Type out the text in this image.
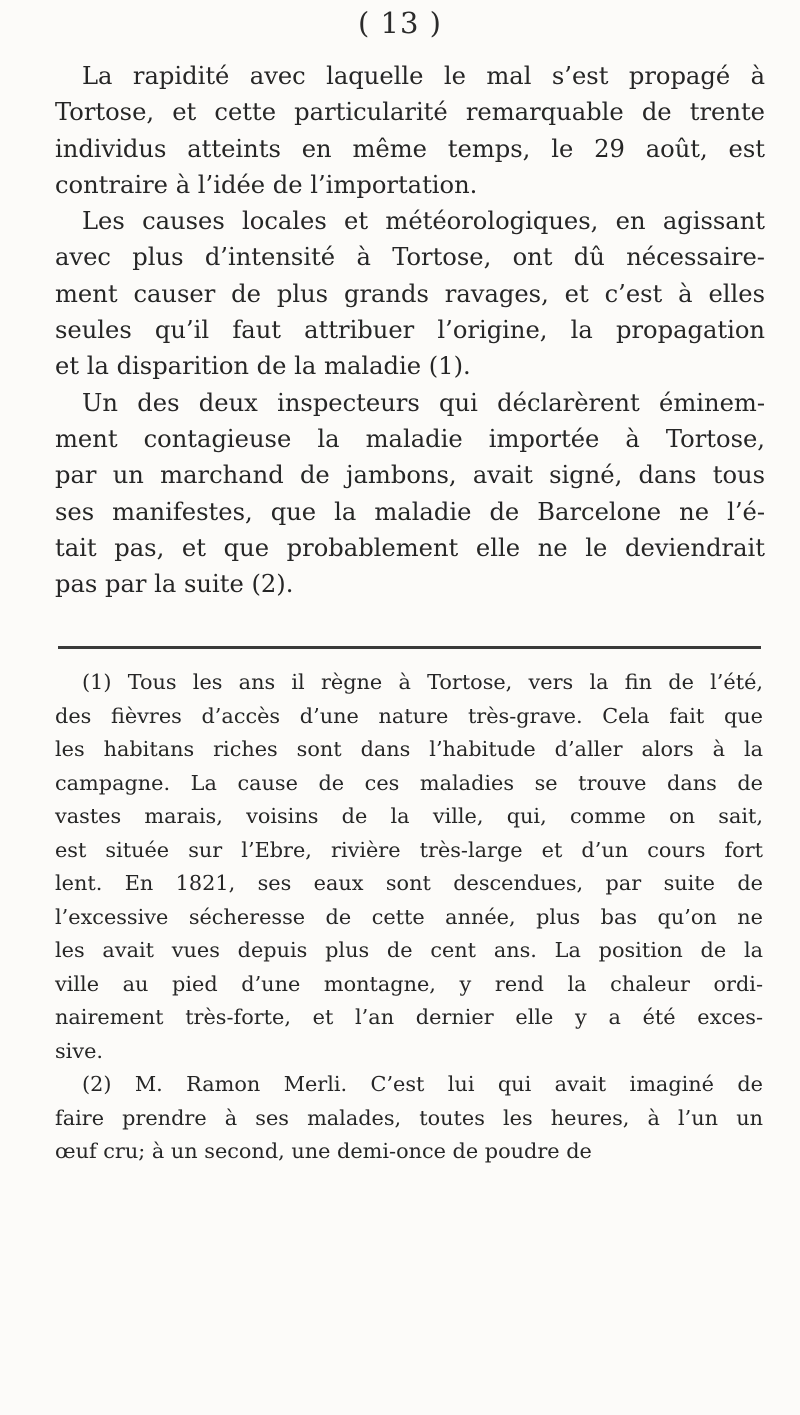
( 13 )

La rapidité avec laquelle le mal s’est propagé à
Tortose, et cette particularité remarquable de trente
individus atteints en même temps, le 29 août, est
contraire à l’idée de l’importation.

Les causes locales et météorologiques, en agissant
avec plus d’intensité à Tortose, ont dû nécessaire-
ment causer de plus grands ravages, et c’est à elles
seules qu’il faut attribuer l’origine, la propagation
et la disparition de la maladie (1).

Un des deux inspecteurs qui déclarèrent éminem-
ment contagieuse la maladie importée à Tortose,
par un marchand de jambons, avait signé, dans tous
ses manifestes, que la maladie de Barcelone ne l’é-
tait pas, et que probablement elle ne le deviendrait
pas par la suite (2).

(1) Tous les ans il règne à Tortose, vers la fin de l’été,
des fièvres d’accès d’une nature très-grave. Cela fait que
les habitans riches sont dans l’habitude d’aller alors à la
campagne. La cause de ces maladies se trouve dans de
vastes marais, voisins de la ville, qui, comme on sait,
est située sur l’Ebre, rivière très-large et d’un cours fort
lent. En 1821, ses eaux sont descendues, par suite de
l’excessive sécheresse de cette année, plus bas qu’on ne
les avait vues depuis plus de cent ans. La position de la
ville au pied d’une montagne, y rend la chaleur ordi-
nairement très-forte, et l’an dernier elle y a été exces-
sive.

(2) M. Ramon Merli. C’est lui qui avait imaginé de
faire prendre à ses malades, toutes les heures, à l’un un
œuf cru; à un second, une demi-once de poudre de
